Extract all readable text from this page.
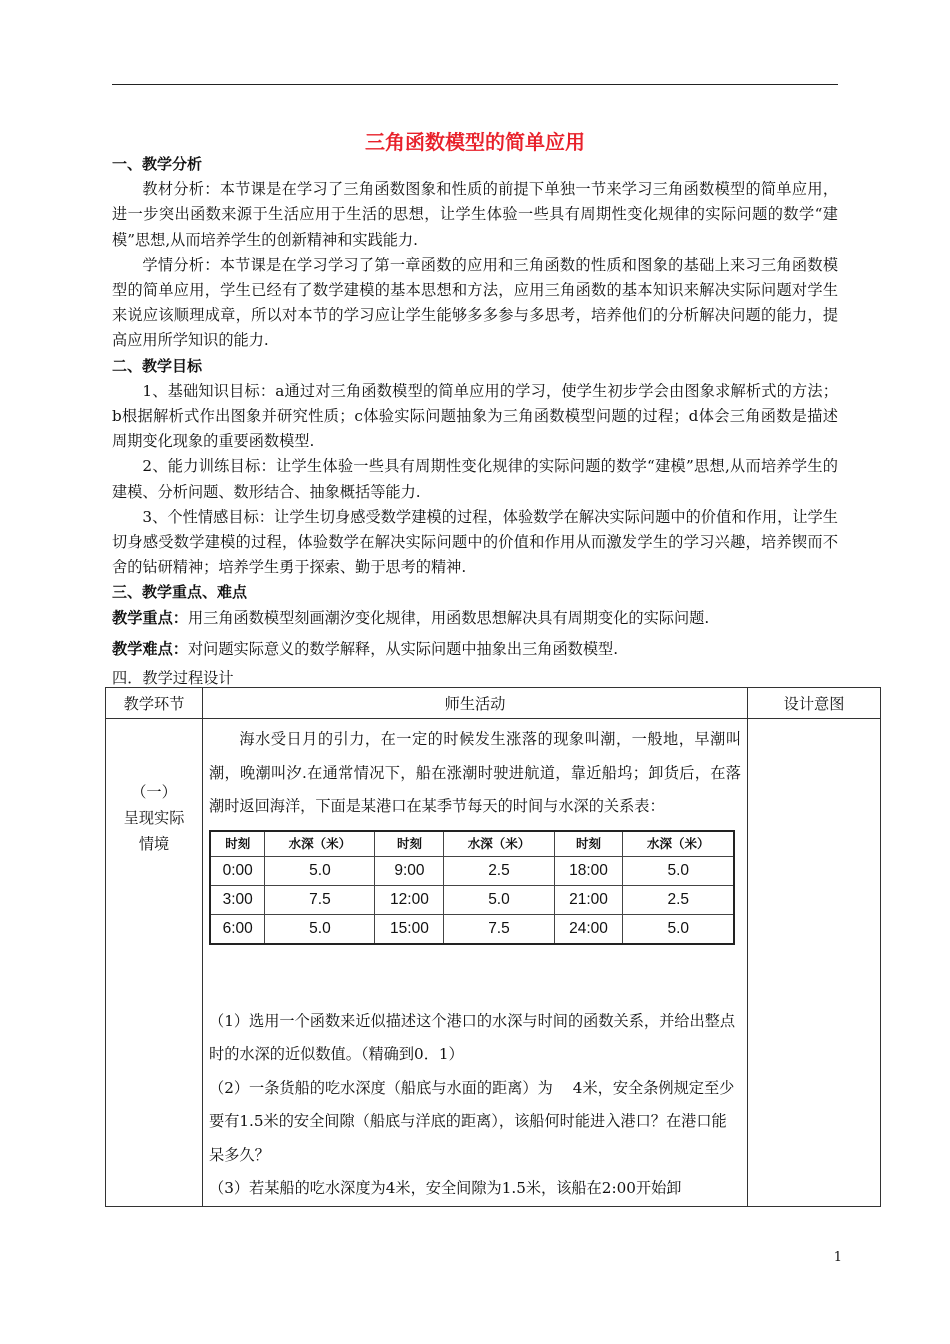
三角函数模型的简单应用

一、教学分析

教材分析：本节课是在学习了三角函数图象和性质的前提下单独一节来学习三角函数模型的简单应用，进一步突出函数来源于生活应用于生活的思想，让学生体验一些具有周期性变化规律的实际问题的数学“建模”思想,从而培养学生的创新精神和实践能力.

学情分析：本节课是在学习学习了第一章函数的应用和三角函数的性质和图象的基础上来习三角函数模型的简单应用，学生已经有了数学建模的基本思想和方法，应用三角函数的基本知识来解决实际问题对学生来说应该顺理成章，所以对本节的学习应让学生能够多多参与多思考，培养他们的分析解决问题的能力，提高应用所学知识的能力.

二、教学目标

1、基础知识目标：a通过对三角函数模型的简单应用的学习，使学生初步学会由图象求解析式的方法；b根据解析式作出图象并研究性质；c体验实际问题抽象为三角函数模型问题的过程；d体会三角函数是描述周期变化现象的重要函数模型.

2、能力训练目标：让学生体验一些具有周期性变化规律的实际问题的数学“建模”思想,从而培养学生的建模、分析问题、数形结合、抽象概括等能力.

3、个性情感目标：让学生切身感受数学建模的过程，体验数学在解决实际问题中的价值和作用，让学生切身感受数学建模的过程，体验数学在解决实际问题中的价值和作用从而激发学生的学习兴趣，培养锲而不舍的钻研精神；培养学生勇于探索、勤于思考的精神.

三、教学重点、难点

教学重点：用三角函数模型刻画潮汐变化规律，用函数思想解决具有周期变化的实际问题.

教学难点：对问题实际意义的数学解释，从实际问题中抽象出三角函数模型.

四．教学过程设计

教学环节	师生活动	设计意图

（一）
呈现实际情境

海水受日月的引力，在一定的时候发生涨落的现象叫潮，一般地，早潮叫潮，晚潮叫汐.在通常情况下，船在涨潮时驶进航道，靠近船坞；卸货后，在落潮时返回海洋，下面是某港口在某季节每天的时间与水深的关系表：

时刻	水深（米）	时刻	水深（米）	时刻	水深（米）
0:00	5.0	9:00	2.5	18:00	5.0
3:00	7.5	12:00	5.0	21:00	2.5
6:00	5.0	15:00	7.5	24:00	5.0

（1）选用一个函数来近似描述这个港口的水深与时间的函数关系，并给出整点时的水深的近似数值。（精确到0．1）

（2）一条货船的吃水深度（船底与水面的距离）为　 4米，安全条例规定至少要有1.5米的安全间隙（船底与洋底的距离），该船何时能进入港口？在港口能呆多久？

（3）若某船的吃水深度为4米，安全间隙为1.5米，该船在2:00开始卸

1
